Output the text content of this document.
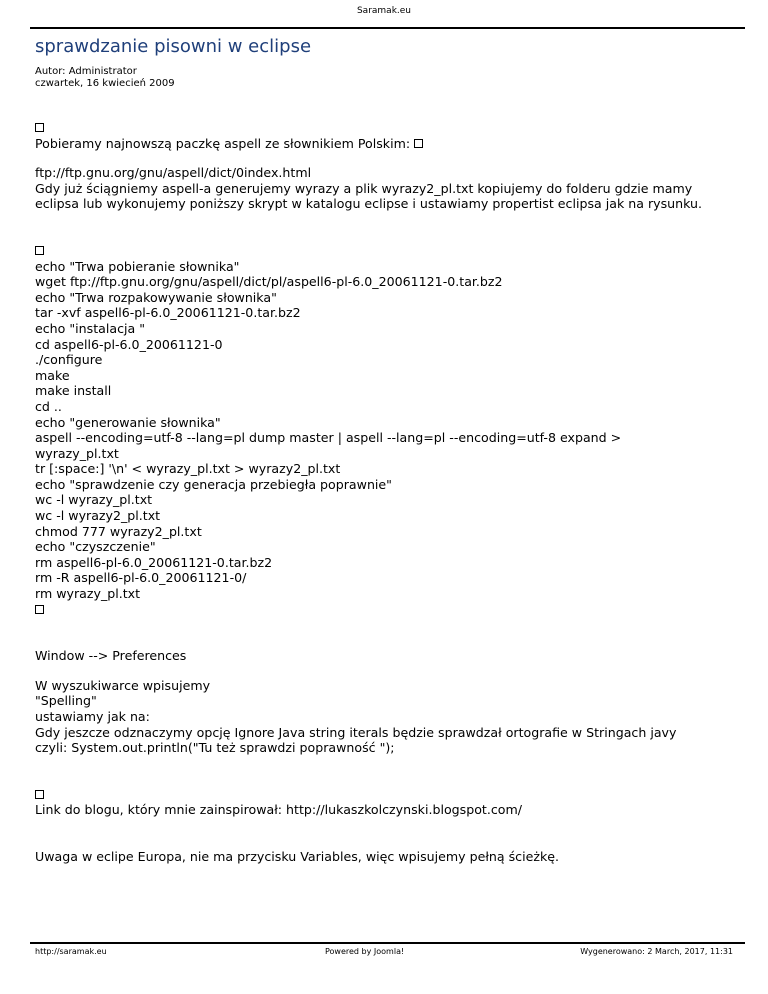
Saramak.eu
sprawdzanie pisowni w eclipse
Autor: Administrator
czwartek, 16 kwiecień 2009
Pobieramy najnowszą paczkę aspell ze słownikiem Polskim:
ftp://ftp.gnu.org/gnu/aspell/dict/0index.html
Gdy już ściągniemy aspell-a generujemy wyrazy a plik wyrazy2_pl.txt kopiujemy do folderu gdzie mamy
eclipsa lub wykonujemy poniższy skrypt w katalogu eclipse i ustawiamy propertist eclipsa jak na rysunku.
echo "Trwa pobieranie słownika"
wget ftp://ftp.gnu.org/gnu/aspell/dict/pl/aspell6-pl-6.0_20061121-0.tar.bz2
echo "Trwa rozpakowywanie słownika"
tar -xvf aspell6-pl-6.0_20061121-0.tar.bz2
echo "instalacja "
cd aspell6-pl-6.0_20061121-0
./configure
make
make install
cd ..
echo "generowanie słownika"
aspell --encoding=utf-8 --lang=pl dump master | aspell --lang=pl --encoding=utf-8 expand >
wyrazy_pl.txt
tr [:space:] '\n' < wyrazy_pl.txt > wyrazy2_pl.txt
echo "sprawdzenie czy generacja przebiegła poprawnie"
wc -l wyrazy_pl.txt
wc -l wyrazy2_pl.txt
chmod 777 wyrazy2_pl.txt
echo "czyszczenie"
rm aspell6-pl-6.0_20061121-0.tar.bz2
rm -R aspell6-pl-6.0_20061121-0/
rm wyrazy_pl.txt
Window --> Preferences
W wyszukiwarce wpisujemy
"Spelling"
ustawiamy jak na:
Gdy jeszcze odznaczymy opcję Ignore Java string iterals będzie sprawdzał ortografie w Stringach javy
czyli: System.out.println("Tu też sprawdzi poprawność ");
Link do blogu, który mnie zainspirował: http://lukaszkolczynski.blogspot.com/
Uwaga w eclipe Europa, nie ma przycisku Variables, więc wpisujemy pełną ścieżkę.
http://saramak.eu	Powered by Joomla!	Wygenerowano: 2 March, 2017, 11:31
